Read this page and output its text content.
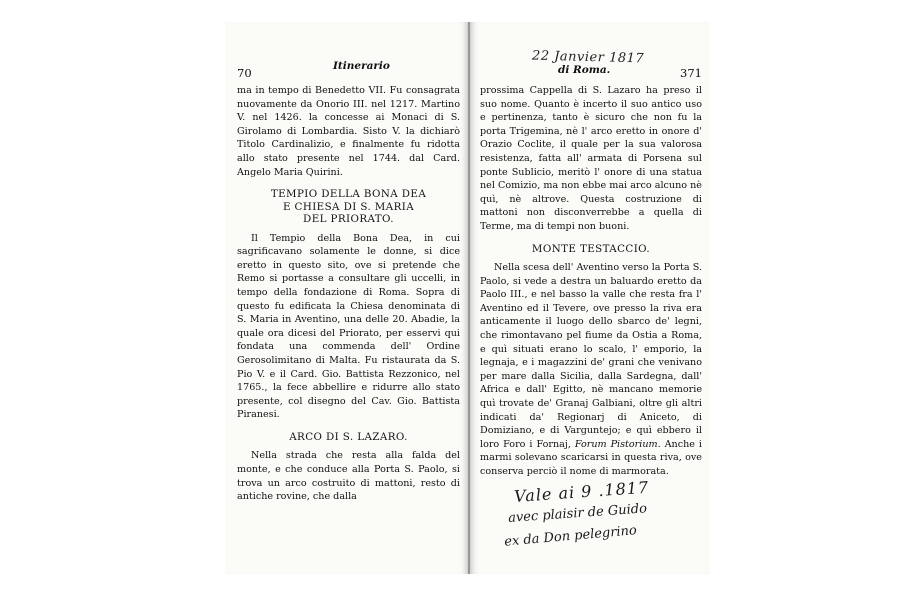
70	Itinerario

ma in tempo di Benedetto VII. Fu consagrata nuovamente da Onorio III. nel 1217. Martino V. nel 1426. la concesse ai Monaci di S. Girolamo di Lombardia. Sisto V. la dichiarò Titolo Cardinalizio, e finalmente fu ridotta allo stato presente nel 1744. dal Card. Angelo Maria Quirini.

TEMPIO DELLA BONA DEA
E CHIESA DI S. MARIA
DEL PRIORATO.

Il Tempio della Bona Dea, in cui sagrificavano solamente le donne, si dice eretto in questo sito, ove si pretende che Remo si portasse a consultare gli uccelli, in tempo della fondazione di Roma. Sopra di questo fu edificata la Chiesa denominata di S. Maria in Aventino, una delle 20. Abadie, la quale ora dicesi del Priorato, per esservi qui fondata una commenda dell' Ordine Gerosolimitano di Malta. Fu ristaurata da S. Pio V. e il Card. Gio. Battista Rezzonico, nel 1765., la fece abbellire e ridurre allo stato presente, col disegno del Cav. Gio. Battista Piranesi.

ARCO DI S. LAZARO.

Nella strada che resta alla falda del monte, e che conduce alla Porta S. Paolo, si trova un arco costruito di mattoni, resto di antiche rovine, che dalla

22 Janvier 1817
di Roma.	371

prossima Cappella di S. Lazaro ha preso il suo nome. Quanto è incerto il suo antico uso e pertinenza, tanto è sicuro che non fu la porta Trigemina, nè l' arco eretto in onore d' Orazio Coclite, il quale per la sua valorosa resistenza, fatta all' armata di Porsena sul ponte Sublicio, meritò l' onore di una statua nel Comizio, ma non ebbe mai arco alcuno nè quì, nè altrove. Questa costruzione di mattoni non disconverrebbe a quella di Terme, ma di tempi non buoni.

MONTE TESTACCIO.

Nella scesa dell' Aventino verso la Porta S. Paolo, si vede a destra un baluardo eretto da Paolo III., e nel basso la valle che resta fra l' Aventino ed il Tevere, ove presso la riva era anticamente il luogo dello sbarco de' legni, che rimontavano pel fiume da Ostia a Roma, e quì situati erano lo scalo, l' emporio, la legnaja, e i magazzini de' grani che venivano per mare dalla Sicilia, dalla Sardegna, dall' Africa e dall' Egitto, nè mancano memorie quì trovate de' Granaj Galbiani, oltre gli altri indicati da' Regionarj di Aniceto, di Domiziano, e di Varguntejo; e quì ebbero il loro Foro i Fornaj, Forum Pistorium. Anche i marmi solevano scaricarsi in questa riva, ove conserva perciò il nome di marmorata.

Vale ai 9 .1817
avec plaisir de Guido
ex da Don pelegrino
